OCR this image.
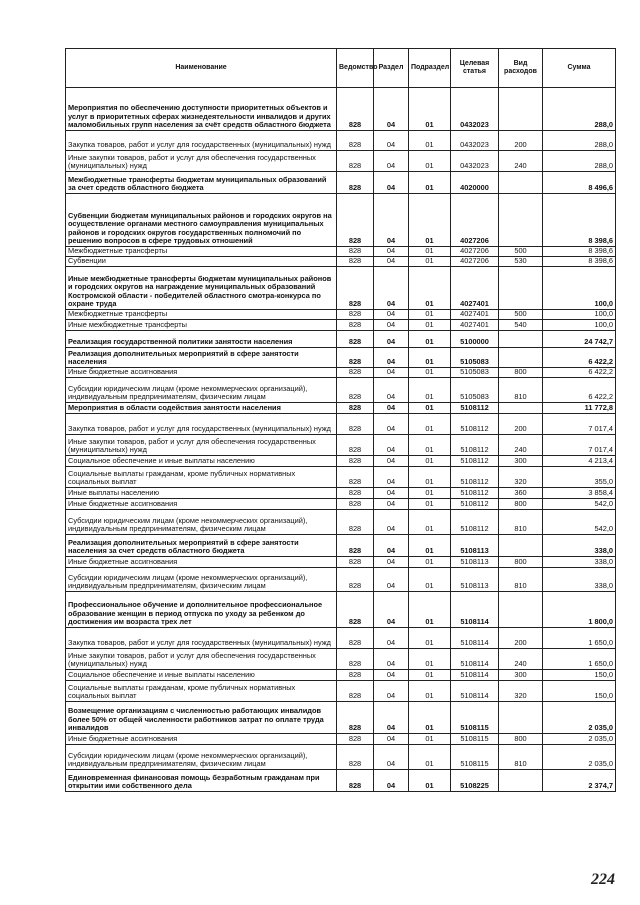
Наименование	Ведомство	Раздел	Подраздел	Целевая статья	Вид расходов	Сумма
Мероприятия по обеспечению доступности приоритетных объектов и услуг в приоритетных сферах жизнедеятельности инвалидов и других маломобильных групп населения за счёт средств областного бюджета	828	04	01	0432023		288,0
Закупка товаров, работ и услуг для государственных (муниципальных) нужд	828	04	01	0432023	200	288,0
Иные закупки товаров, работ и услуг для обеспечения государственных (муниципальных) нужд	828	04	01	0432023	240	288,0
Межбюджетные трансферты бюджетам муниципальных образований за счет средств областного бюджета	828	04	01	4020000		8 496,6
Субвенции бюджетам муниципальных районов и городских округов на осуществление органами местного самоуправления муниципальных районов и городских округов государственных полномочий по решению вопросов в сфере трудовых отношений	828	04	01	4027206		8 398,6
Межбюджетные трансферты	828	04	01	4027206	500	8 398,6
Субвенции	828	04	01	4027206	530	8 398,6
Иные межбюджетные трансферты бюджетам муниципальных районов и городских округов на награждение муниципальных образований Костромской области - победителей областного смотра-конкурса по охране труда	828	04	01	4027401		100,0
Межбюджетные трансферты	828	04	01	4027401	500	100,0
Иные межбюджетные трансферты	828	04	01	4027401	540	100,0
Реализация государственной политики занятости населения	828	04	01	5100000		24 742,7
Реализация дополнительных мероприятий в сфере занятости населения	828	04	01	5105083		6 422,2
Иные бюджетные ассигнования	828	04	01	5105083	800	6 422,2
Субсидии юридическим лицам (кроме некоммерческих организаций), индивидуальным предпринимателям, физическим лицам	828	04	01	5105083	810	6 422,2
Мероприятия в области содействия занятости населения	828	04	01	5108112		11 772,8
Закупка товаров, работ и услуг для государственных (муниципальных) нужд	828	04	01	5108112	200	7 017,4
Иные закупки товаров, работ и услуг для обеспечения государственных (муниципальных) нужд	828	04	01	5108112	240	7 017,4
Социальное обеспечение и иные выплаты населению	828	04	01	5108112	300	4 213,4
Социальные выплаты гражданам, кроме публичных нормативных социальных выплат	828	04	01	5108112	320	355,0
Иные выплаты населению	828	04	01	5108112	360	3 858,4
Иные бюджетные ассигнования	828	04	01	5108112	800	542,0
Субсидии юридическим лицам (кроме некоммерческих организаций), индивидуальным предпринимателям, физическим лицам	828	04	01	5108112	810	542,0
Реализация дополнительных мероприятий в сфере занятости населения за счет средств областного бюджета	828	04	01	5108113		338,0
Иные бюджетные ассигнования	828	04	01	5108113	800	338,0
Субсидии юридическим лицам (кроме некоммерческих организаций), индивидуальным предпринимателям, физическим лицам	828	04	01	5108113	810	338,0
Профессиональное обучение и дополнительное профессиональное образование женщин в период отпуска по уходу за ребенком до достижения им возраста трех лет	828	04	01	5108114		1 800,0
Закупка товаров, работ и услуг для государственных (муниципальных) нужд	828	04	01	5108114	200	1 650,0
Иные закупки товаров, работ и услуг для обеспечения государственных (муниципальных) нужд	828	04	01	5108114	240	1 650,0
Социальное обеспечение и иные выплаты населению	828	04	01	5108114	300	150,0
Социальные выплаты гражданам, кроме публичных нормативных социальных выплат	828	04	01	5108114	320	150,0
Возмещение организациям с численностью работающих инвалидов более 50% от общей численности работников затрат по оплате труда инвалидов	828	04	01	5108115		2 035,0
Иные бюджетные ассигнования	828	04	01	5108115	800	2 035,0
Субсидии юридическим лицам (кроме некоммерческих организаций), индивидуальным предпринимателям, физическим лицам	828	04	01	5108115	810	2 035,0
Единовременная финансовая помощь безработным гражданам при открытии ими собственного дела	828	04	01	5108225		2 374,7
224
